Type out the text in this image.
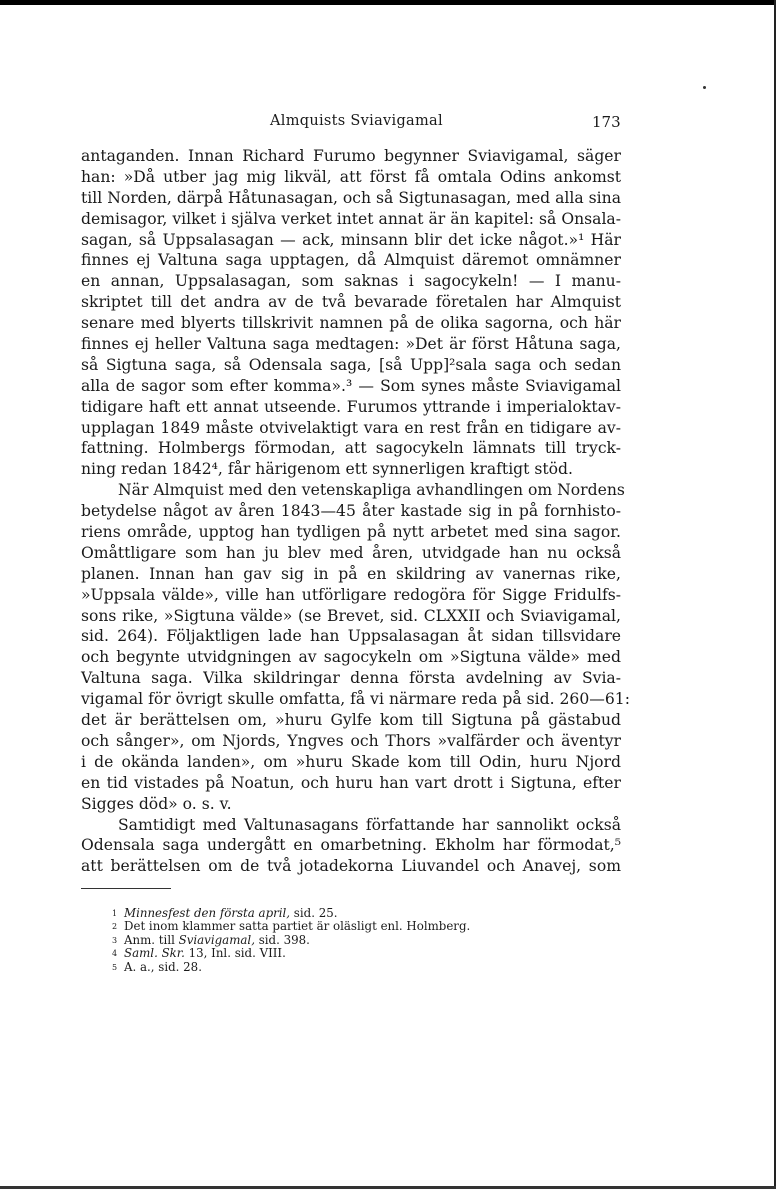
Almquists Sviavigamal	173
antaganden. Innan Richard Furumo begynner Sviavigamal, säger
han: »Då utber jag mig likväl, att först få omtala Odins ankomst
till Norden, därpå Håtunasagan, och så Sigtunasagan, med alla sina
demisagor, vilket i själva verket intet annat är än kapitel: så Onsala-
sagan, så Uppsalasagan — ack, minsann blir det icke något.»¹ Här
finnes ej Valtuna saga upptagen, då Almquist däremot omnämner
en annan, Uppsalasagan, som saknas i sagocykeln! — I manu-
skriptet till det andra av de två bevarade företalen har Almquist
senare med blyerts tillskrivit namnen på de olika sagorna, och här
finnes ej heller Valtuna saga medtagen: »Det är först Håtuna saga,
så Sigtuna saga, så Odensala saga, [så Upp]²sala saga och sedan
alla de sagor som efter komma».³ — Som synes måste Sviavigamal
tidigare haft ett annat utseende. Furumos yttrande i imperialoktav-
upplagan 1849 måste otvivelaktigt vara en rest från en tidigare av-
fattning. Holmbergs förmodan, att sagocykeln lämnats till tryck-
ning redan 1842⁴, får härigenom ett synnerligen kraftigt stöd.
När Almquist med den vetenskapliga avhandlingen om Nordens
betydelse något av åren 1843—45 åter kastade sig in på fornhisto-
riens område, upptog han tydligen på nytt arbetet med sina sagor.
Omåttligare som han ju blev med åren, utvidgade han nu också
planen. Innan han gav sig in på en skildring av vanernas rike,
»Uppsala välde», ville han utförligare redogöra för Sigge Fridulfs-
sons rike, »Sigtuna välde» (se Brevet, sid. CLXXII och Sviavigamal,
sid. 264). Följaktligen lade han Uppsalasagan åt sidan tillsvidare
och begynte utvidgningen av sagocykeln om »Sigtuna välde» med
Valtuna saga. Vilka skildringar denna första avdelning av Svia-
vigamal för övrigt skulle omfatta, få vi närmare reda på sid. 260—61:
det är berättelsen om, »huru Gylfe kom till Sigtuna på gästabud
och sånger», om Njords, Yngves och Thors »valfärder och äventyr
i de okända landen», om »huru Skade kom till Odin, huru Njord
en tid vistades på Noatun, och huru han vart drott i Sigtuna, efter
Sigges död» o. s. v.
Samtidigt med Valtunasagans författande har sannolikt också
Odensala saga undergått en omarbetning. Ekholm har förmodat,⁵
att berättelsen om de två jotadekorna Liuvandel och Anavej, som
1 Minnesfest den första april, sid. 25.
2 Det inom klammer satta partiet är oläsligt enl. Holmberg.
3 Anm. till Sviavigamal, sid. 398.
4 Saml. Skr. 13, Inl. sid. VIII.
5 A. a., sid. 28.
